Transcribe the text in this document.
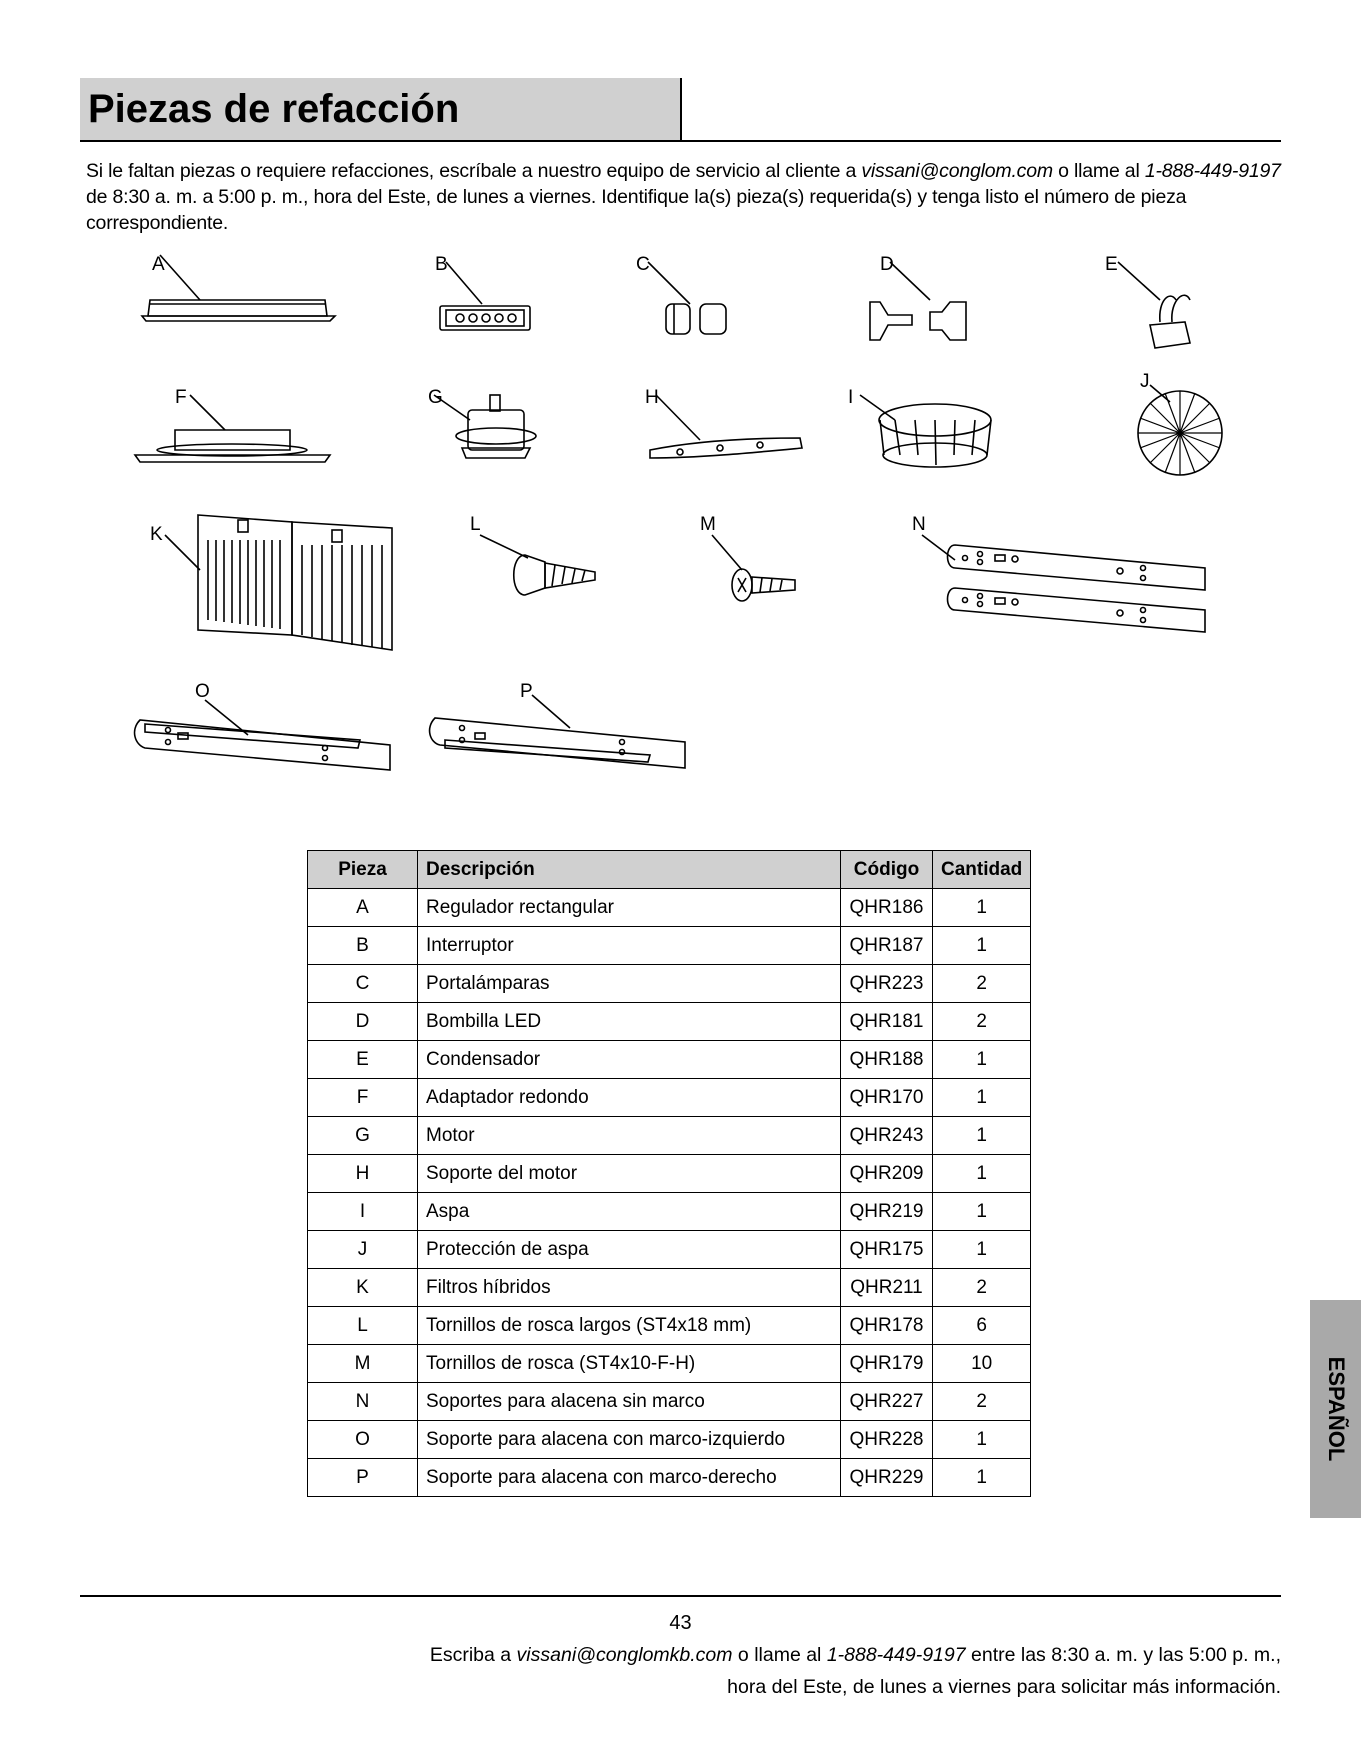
Piezas de refacción
Si le faltan piezas o requiere refacciones, escríbale a nuestro equipo de servicio al cliente a vissani@conglom.com o llame al 1-888-449-9197 de 8:30 a. m. a 5:00 p. m., hora del Este, de lunes a viernes. Identifique la(s) pieza(s) requerida(s) y tenga listo el número de pieza correspondiente.
A	B	C	D	E
F	G	H	I
J
K	L	M	N
O	P
Pieza	Descripción	Código	Cantidad
A	Regulador rectangular	QHR186	1
B	Interruptor	QHR187	1
C	Portalámparas	QHR223	2
D	Bombilla LED	QHR181	2
E	Condensador	QHR188	1
F	Adaptador redondo	QHR170	1
G	Motor	QHR243	1
H	Soporte del motor	QHR209	1
I	Aspa	QHR219	1
J	Protección de aspa	QHR175	1
K	Filtros híbridos	QHR211	2
L	Tornillos de rosca largos (ST4x18 mm)	QHR178	6
M	Tornillos de rosca (ST4x10-F-H)	QHR179	10
N	Soportes para alacena sin marco	QHR227	2
O	Soporte para alacena con marco-izquierdo	QHR228	1
P	Soporte para alacena con marco-derecho	QHR229	1
43
Escriba a vissani@conglomkb.com o llame al 1-888-449-9197 entre las 8:30 a. m. y las 5:00 p. m.,
hora del Este, de lunes a viernes para solicitar más información.
ESPAÑOL
